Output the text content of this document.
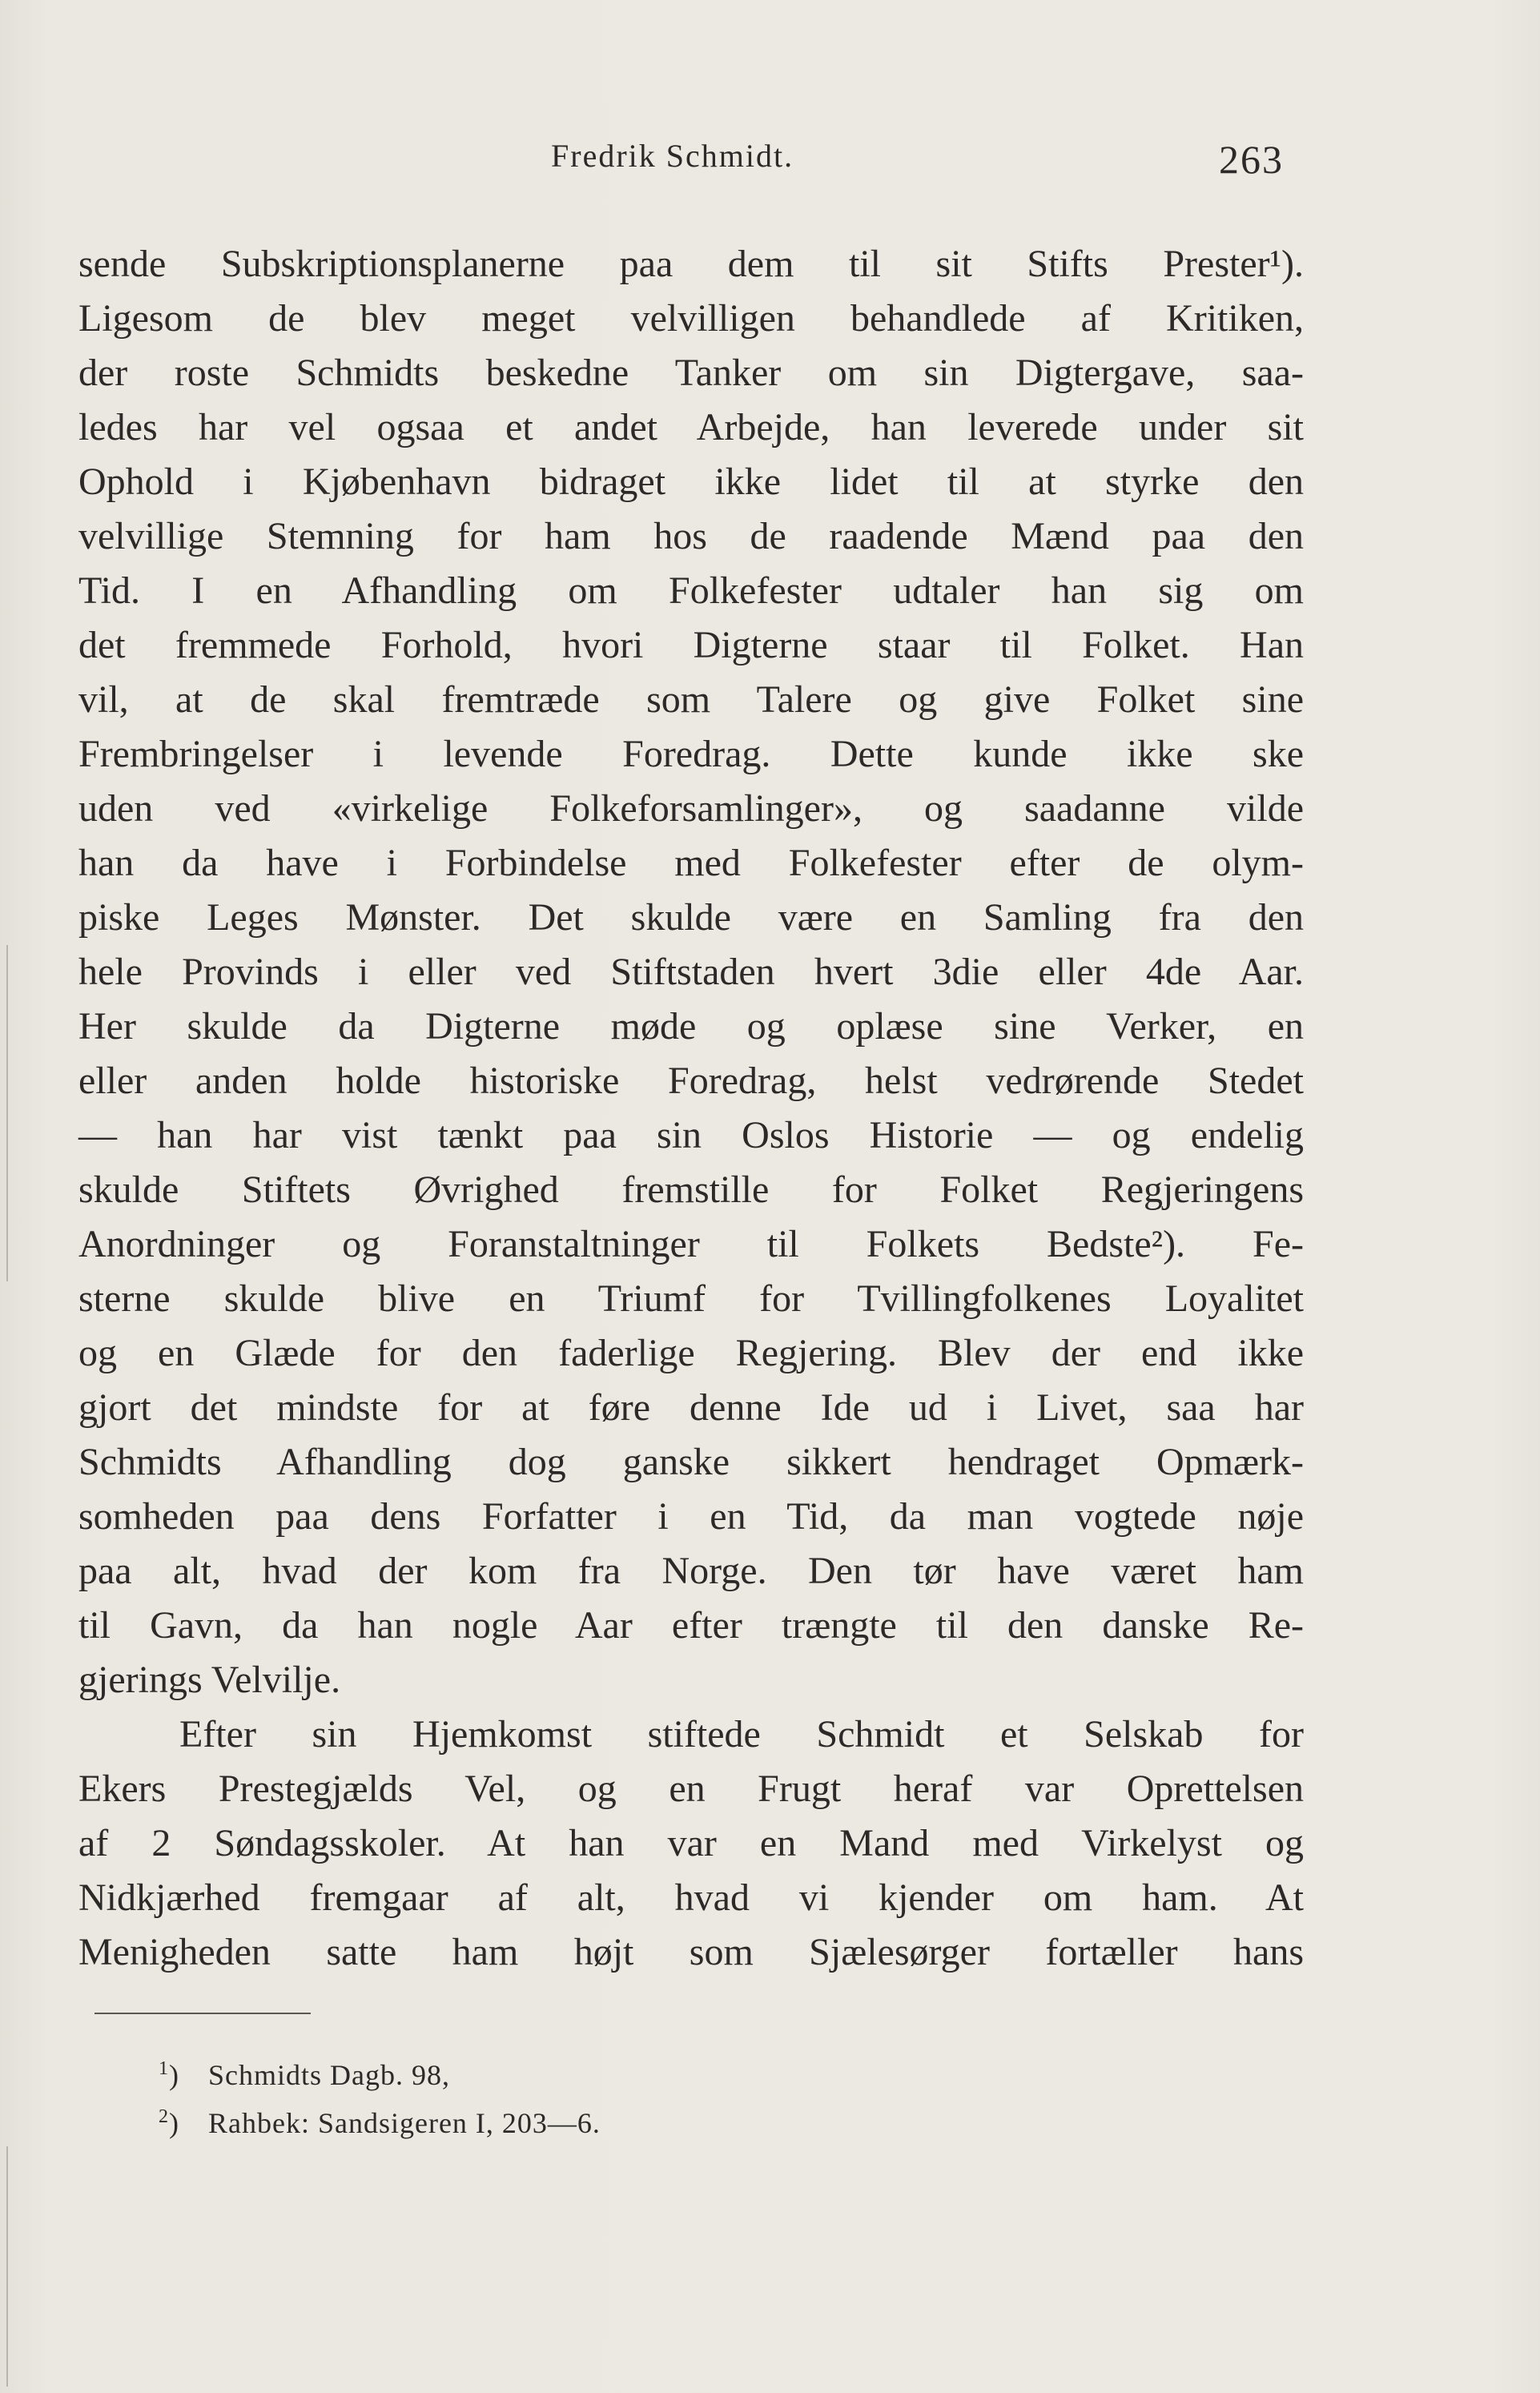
Fredrik Schmidt.	263
sende Subskriptionsplanerne paa dem til sit Stifts Prester¹).
Ligesom de blev meget velvilligen behandlede af Kritiken,
der roste Schmidts beskedne Tanker om sin Digtergave, saa-
ledes har vel ogsaa et andet Arbejde, han leverede under sit
Ophold i Kjøbenhavn bidraget ikke lidet til at styrke den
velvillige Stemning for ham hos de raadende Mænd paa den
Tid. I en Afhandling om Folkefester udtaler han sig om
det fremmede Forhold, hvori Digterne staar til Folket. Han
vil, at de skal fremtræde som Talere og give Folket sine
Frembringelser i levende Foredrag. Dette kunde ikke ske
uden ved «virkelige Folkeforsamlinger», og saadanne vilde
han da have i Forbindelse med Folkefester efter de olym-
piske Leges Mønster. Det skulde være en Samling fra den
hele Provinds i eller ved Stiftstaden hvert 3die eller 4de Aar.
Her skulde da Digterne møde og oplæse sine Verker, en
eller anden holde historiske Foredrag, helst vedrørende Stedet
— han har vist tænkt paa sin Oslos Historie — og endelig
skulde Stiftets Øvrighed fremstille for Folket Regjeringens
Anordninger og Foranstaltninger til Folkets Bedste²). Fe-
sterne skulde blive en Triumf for Tvillingfolkenes Loyalitet
og en Glæde for den faderlige Regjering. Blev der end ikke
gjort det mindste for at føre denne Ide ud i Livet, saa har
Schmidts Afhandling dog ganske sikkert hendraget Opmærk-
somheden paa dens Forfatter i en Tid, da man vogtede nøje
paa alt, hvad der kom fra Norge. Den tør have været ham
til Gavn, da han nogle Aar efter trængte til den danske Re-
gjerings Velvilje.
Efter sin Hjemkomst stiftede Schmidt et Selskab for
Ekers Prestegjælds Vel, og en Frugt heraf var Oprettelsen
af 2 Søndagsskoler. At han var en Mand med Virkelyst og
Nidkjærhed fremgaar af alt, hvad vi kjender om ham. At
Menigheden satte ham højt som Sjælesørger fortæller hans
$^1$) Schmidts Dagb. 98,
$^2$) Rahbek: Sandsigeren I, 203—6.
